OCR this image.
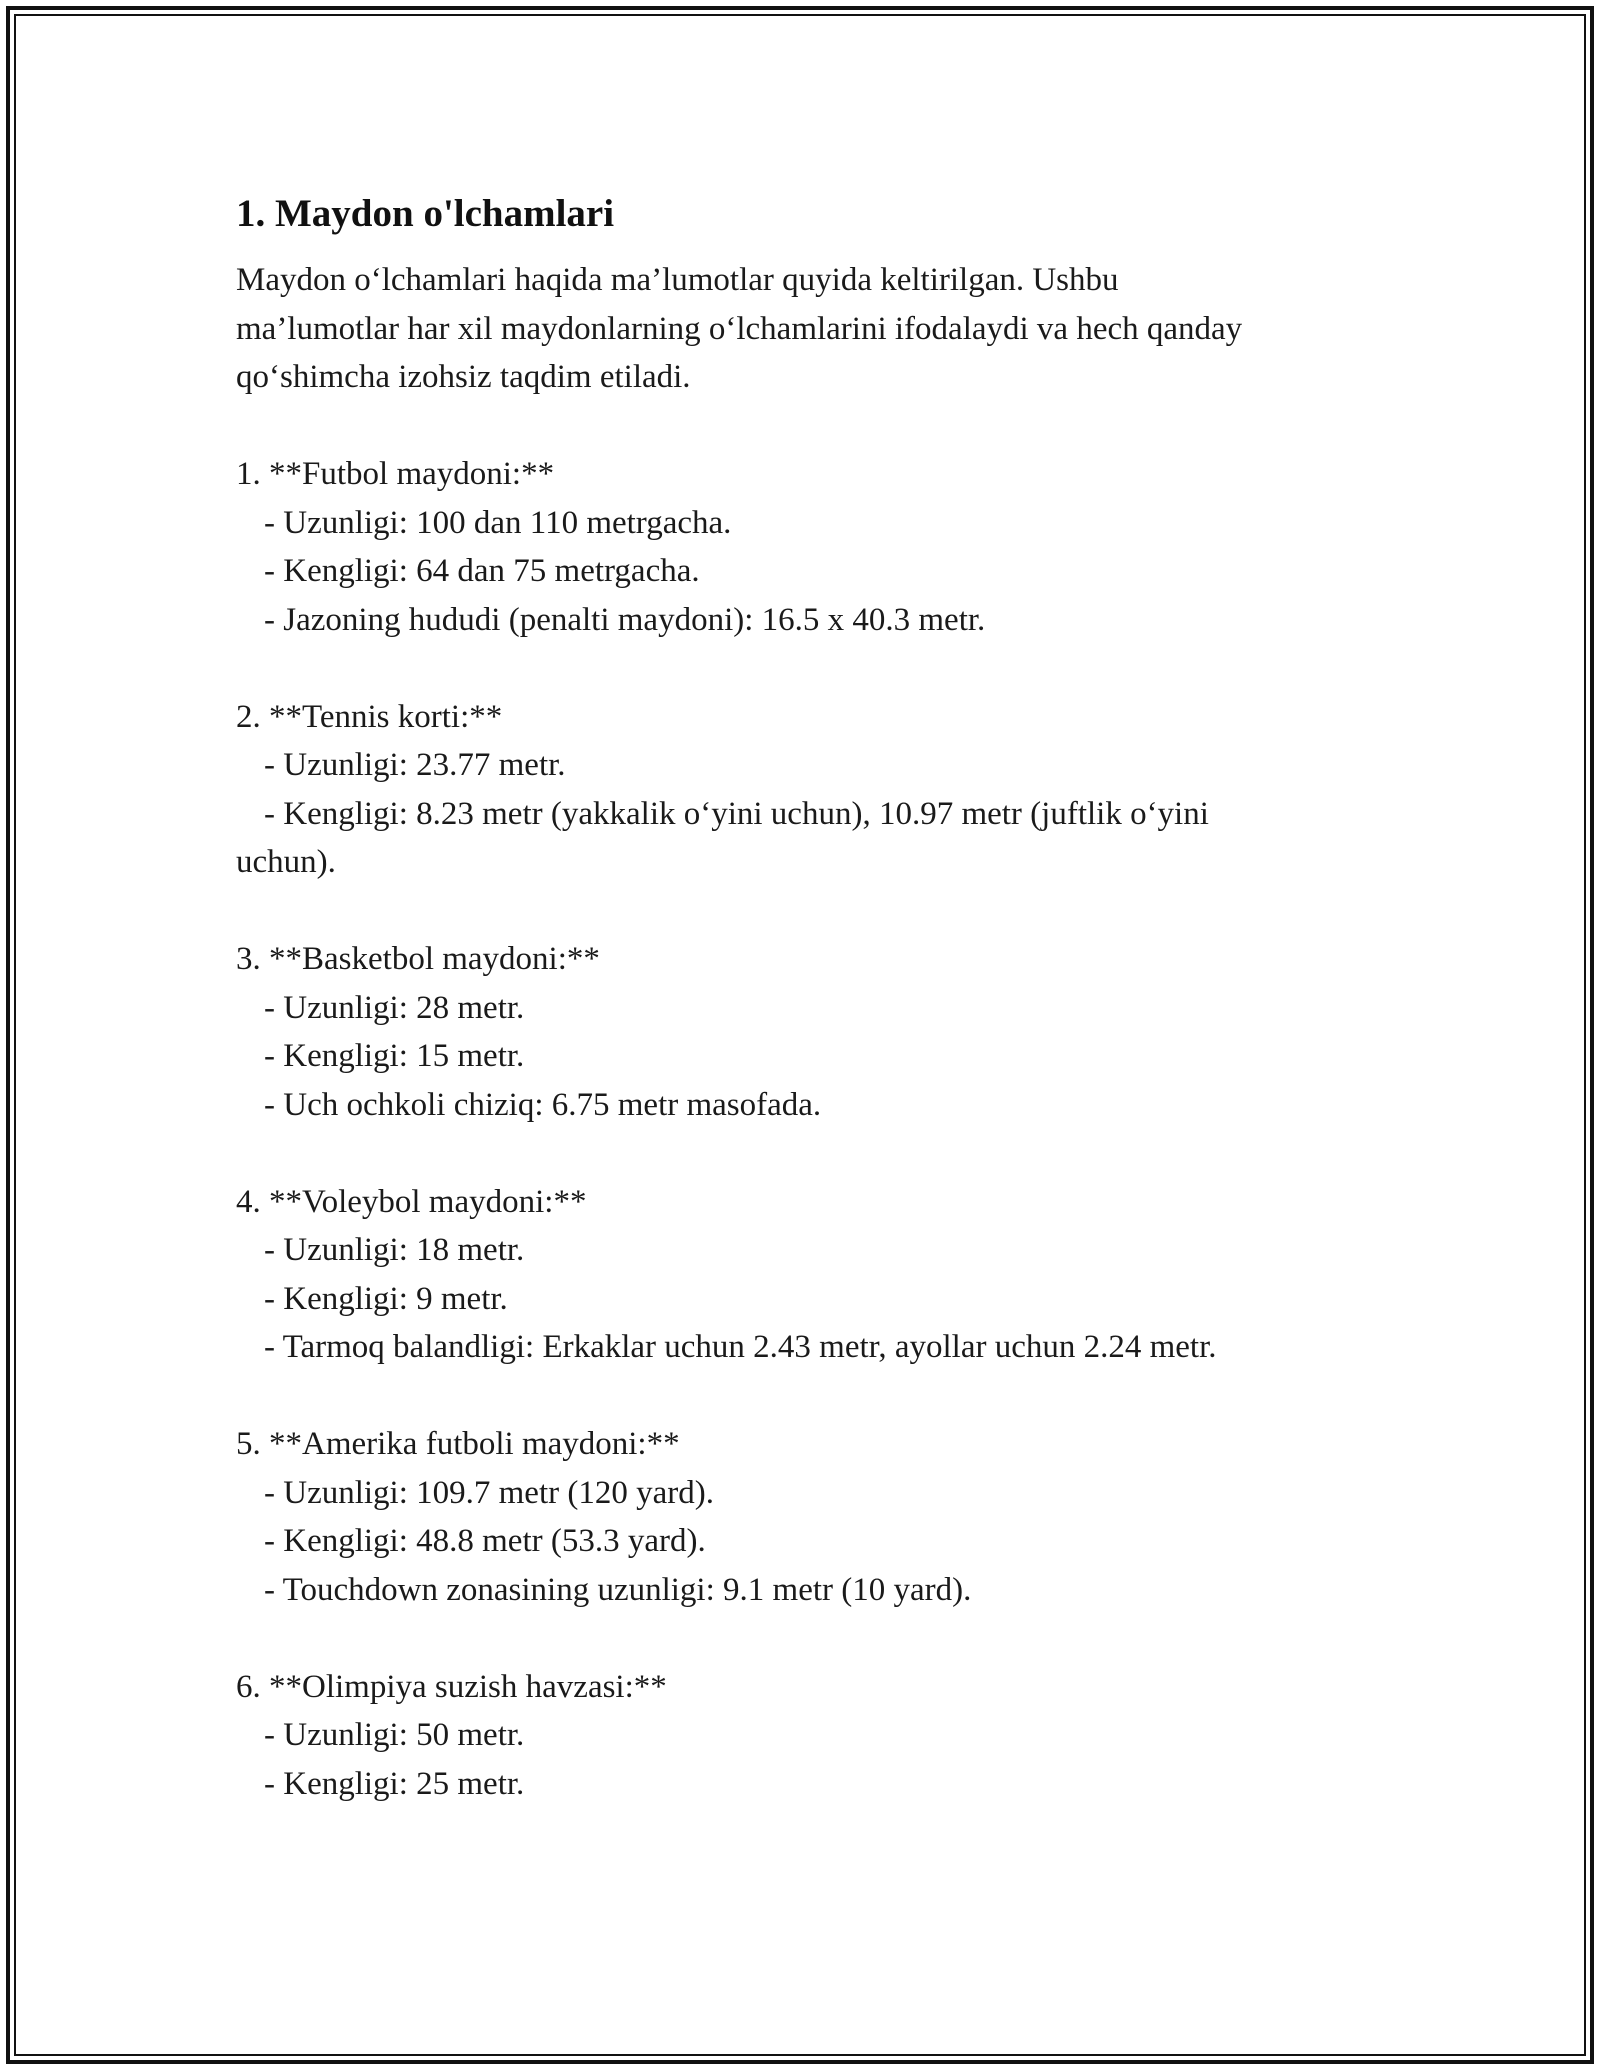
1. Maydon o'lchamlari

Maydon o‘lchamlari haqida ma’lumotlar quyida keltirilgan. Ushbu

ma’lumotlar har xil maydonlarning o‘lchamlarini ifodalaydi va hech qanday

qo‘shimcha izohsiz taqdim etiladi.

1. **Futbol maydoni:**

- Uzunligi: 100 dan 110 metrgacha.

- Kengligi: 64 dan 75 metrgacha.

- Jazoning hududi (penalti maydoni): 16.5 x 40.3 metr.

2. **Tennis korti:**

- Uzunligi: 23.77 metr.

- Kengligi: 8.23 metr (yakkalik o‘yini uchun), 10.97 metr (juftlik o‘yini

uchun).

3. **Basketbol maydoni:**

- Uzunligi: 28 metr.

- Kengligi: 15 metr.

- Uch ochkoli chiziq: 6.75 metr masofada.

4. **Voleybol maydoni:**

- Uzunligi: 18 metr.

- Kengligi: 9 metr.

- Tarmoq balandligi: Erkaklar uchun 2.43 metr, ayollar uchun 2.24 metr.

5. **Amerika futboli maydoni:**

- Uzunligi: 109.7 metr (120 yard).

- Kengligi: 48.8 metr (53.3 yard).

- Touchdown zonasining uzunligi: 9.1 metr (10 yard).

6. **Olimpiya suzish havzasi:**

- Uzunligi: 50 metr.

- Kengligi: 25 metr.
